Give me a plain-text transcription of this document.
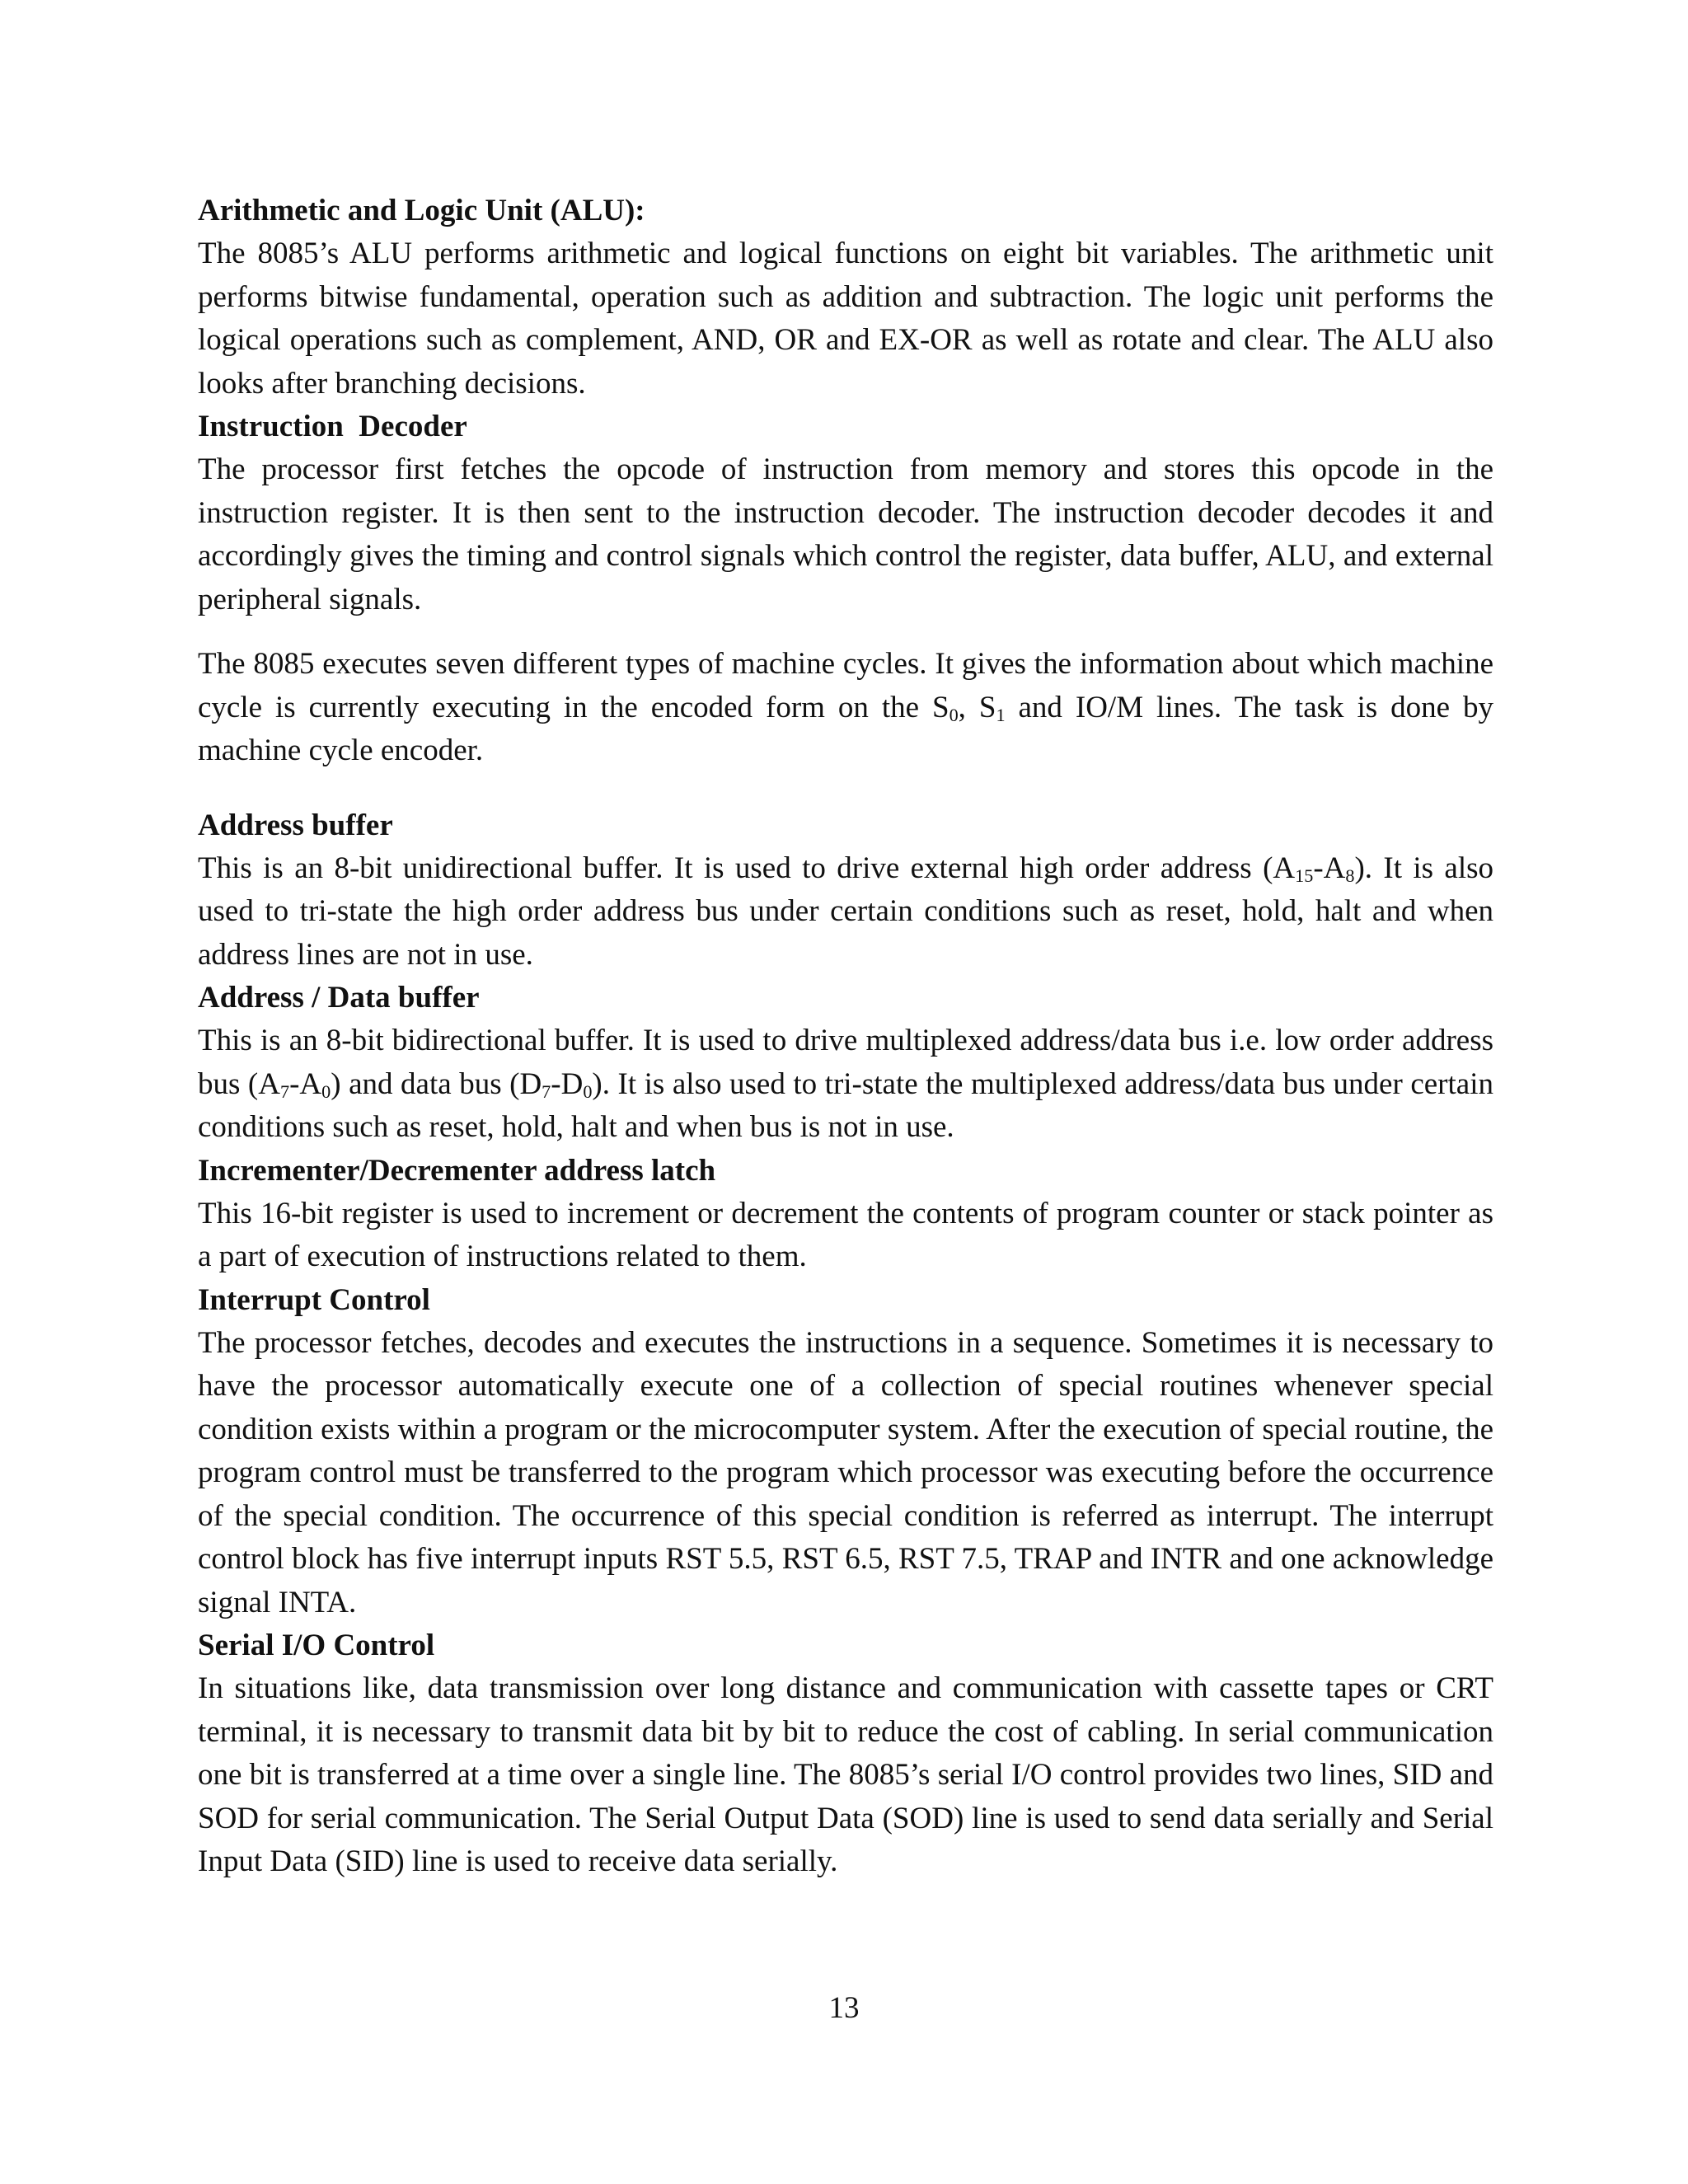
Arithmetic and Logic Unit (ALU):

The 8085’s ALU performs arithmetic and logical functions on eight bit variables. The arithmetic unit performs bitwise fundamental, operation such as addition and subtraction. The logic unit performs the logical operations such as complement, AND, OR and EX-OR as well as rotate and clear. The ALU also looks after branching decisions.

Instruction  Decoder

The processor first fetches the opcode of instruction from memory and stores this opcode in the instruction register. It is then sent to the instruction decoder. The instruction decoder decodes it and accordingly gives the timing and control signals which control the register, data buffer, ALU, and external peripheral signals.

The 8085 executes seven different types of machine cycles. It gives the information about which machine cycle is currently executing in the encoded form on the $S_0$, $S_1$ and IO/M lines. The task is done by machine cycle encoder.

Address buffer

This is an 8-bit unidirectional buffer. It is used to drive external high order address $(A_{15}-A_8)$. It is also used to tri-state the high order address bus under certain conditions such as reset, hold, halt and when address lines are not in use.

Address / Data buffer

This is an 8-bit bidirectional buffer. It is used to drive multiplexed address/data bus i.e. low order address bus $(A_7-A_0)$ and data bus $(D_7-D_0)$. It is also used to tri-state the multiplexed address/data bus under certain conditions such as reset, hold, halt and when bus is not in use.

Incrementer/Decrementer address latch

This 16-bit register is used to increment or decrement the contents of program counter or stack pointer as a part of execution of instructions related to them.

Interrupt Control

The processor fetches, decodes and executes the instructions in a sequence. Sometimes it is necessary to have the processor automatically execute one of a collection of special routines whenever special condition exists within a program or the microcomputer system. After the execution of special routine, the program control must be transferred to the program which processor was executing before the occurrence of the special condition. The occurrence of this special condition is referred as interrupt. The interrupt control block has five interrupt inputs RST 5.5, RST 6.5, RST 7.5, TRAP and INTR and one acknowledge signal INTA.

Serial I/O Control

In situations like, data transmission over long distance and communication with cassette tapes or CRT terminal, it is necessary to transmit data bit by bit to reduce the cost of cabling. In serial communication one bit is transferred at a time over a single line. The 8085’s serial I/O control provides two lines, SID and SOD for serial communication. The Serial Output Data (SOD) line is used to send data serially and Serial Input Data (SID) line is used to receive data serially.

13
